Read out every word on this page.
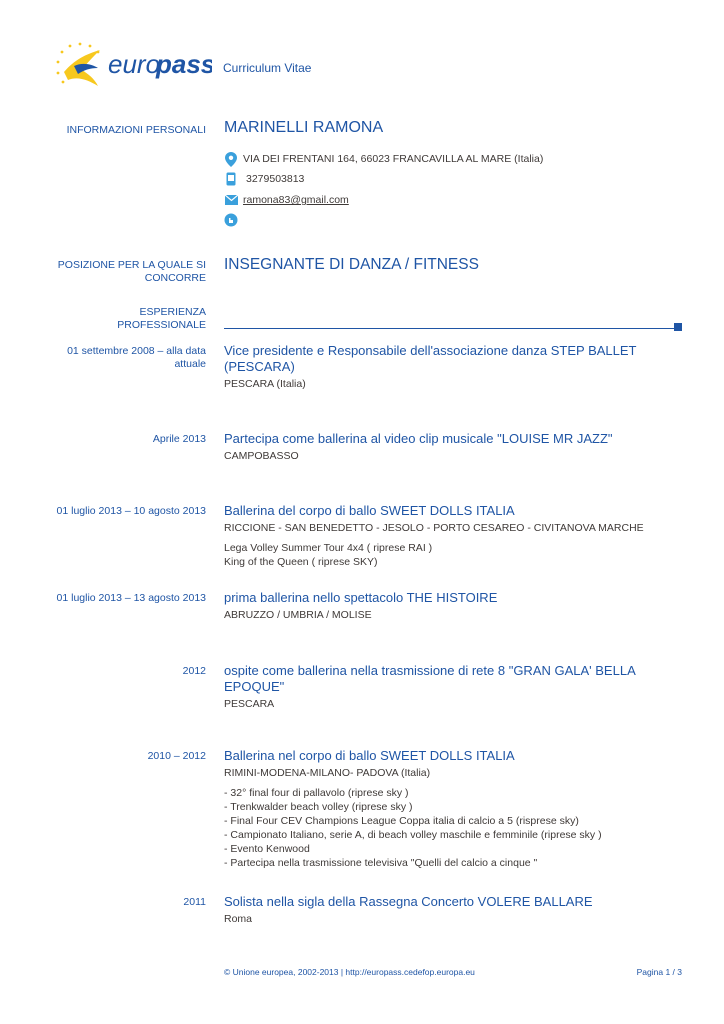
euro
pass Curriculum Vitae
INFORMAZIONI PERSONALI MARINELLI RAMONA
VIA DEI FRENTANI 164, 66023 FRANCAVILLA AL MARE (Italia)
3279503813
ramona83@gmail.com
POSIZIONE PER LA QUALE SI
CONCORRE
INSEGNANTE DI DANZA / FITNESS
ESPERIENZA
PROFESSIONALE
01 settembre 2008 – alla data
attuale
Vice presidente e Responsabile dell'associazione danza STEP BALLET (PESCARA)
PESCARA (Italia)
Aprile 2013 Partecipa come ballerina al video clip musicale "LOUISE MR JAZZ"
CAMPOBASSO
01 luglio 2013 – 10 agosto 2013 Ballerina del corpo di ballo SWEET DOLLS ITALIA
RICCIONE - SAN BENEDETTO - JESOLO - PORTO CESAREO - CIVITANOVA MARCHE
Lega Volley Summer Tour 4x4 ( riprese RAI )
King of the Queen ( riprese SKY)
01 luglio 2013 – 13 agosto 2013 prima ballerina nello spettacolo THE HISTOIRE
ABRUZZO / UMBRIA / MOLISE
2012 ospite come ballerina nella trasmissione di rete 8 "GRAN GALA' BELLA EPOQUE"
PESCARA
2010 – 2012 Ballerina nel corpo di ballo SWEET DOLLS ITALIA
RIMINI-MODENA-MILANO- PADOVA (Italia)
- 32° final four di pallavolo (riprese sky )
- Trenkwalder beach volley (riprese sky )
- Final Four CEV Champions League Coppa italia di calcio a 5 (risprese sky)
- Campionato Italiano, serie A, di beach volley maschile e femminile (riprese sky )
- Evento Kenwood
- Partecipa nella trasmissione televisiva "Quelli del calcio a cinque "
2011 Solista nella sigla della Rassegna Concerto VOLERE BALLARE
Roma
© Unione europea, 2002-2013 | http://europass.cedefop.europa.eu	Pagina 1 / 3
